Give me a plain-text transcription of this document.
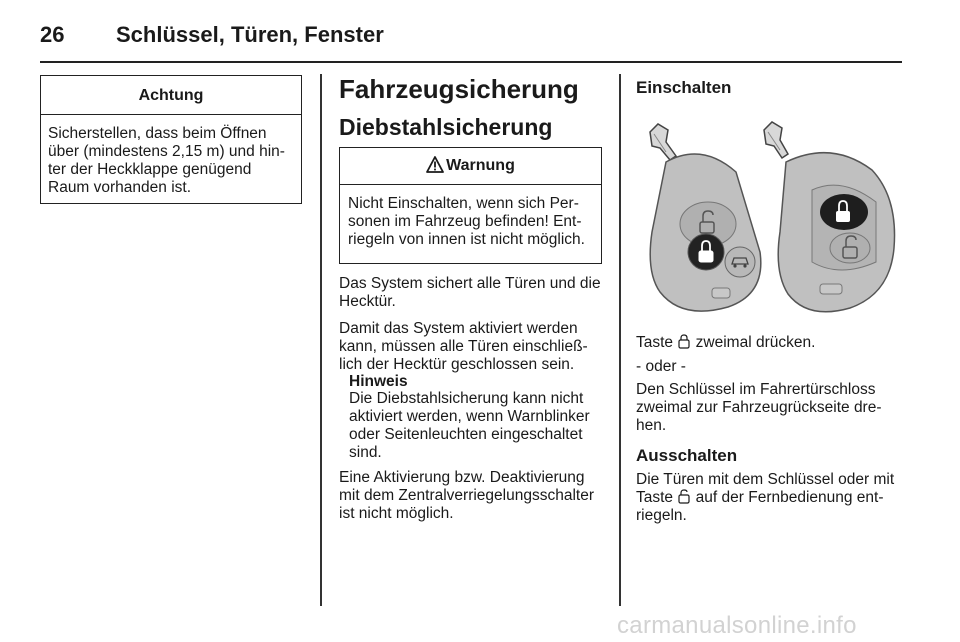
26 Schlüssel, Türen, Fenster
Achtung
Sicherstellen, dass beim Öffnen
über (mindestens 2,15 m) und hin-
ter der Heckklappe genügend
Raum vorhanden ist.
Fahrzeugsicherung
Diebstahlsicherung
Warnung
Nicht Einschalten, wenn sich Per-
sonen im Fahrzeug befinden! Ent-
riegeln von innen ist nicht möglich.
Das System sichert alle Türen und die
Hecktür.
Damit das System aktiviert werden
kann, müssen alle Türen einschließ-
lich der Hecktür geschlossen sein.
Hinweis
Die Diebstahlsicherung kann nicht
aktiviert werden, wenn Warnblinker
oder Seitenleuchten eingeschaltet
sind.
Eine Aktivierung bzw. Deaktivierung
mit dem Zentralverriegelungsschalter
ist nicht möglich.
Einschalten
Taste  zweimal drücken.
- oder -
Den Schlüssel im Fahrertürschloss
zweimal zur Fahrzeugrückseite dre-
hen.
Ausschalten
Die Türen mit dem Schlüssel oder mit
Taste  auf der Fernbedienung ent-
riegeln.
carmanualsonline.info
